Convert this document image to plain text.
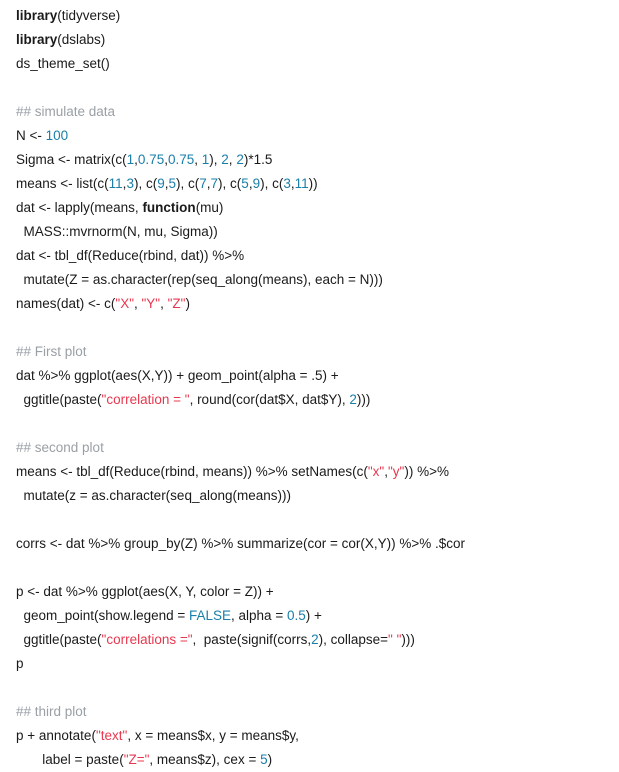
library(tidyverse)
library(dslabs)
ds_theme_set()
## simulate data
N <- 100
Sigma <- matrix(c(1,0.75,0.75, 1), 2, 2)*1.5
means <- list(c(11,3), c(9,5), c(7,7), c(5,9), c(3,11))
dat <- lapply(means, function(mu)
MASS::mvrnorm(N, mu, Sigma))
dat <- tbl_df(Reduce(rbind, dat)) %>%
mutate(Z = as.character(rep(seq_along(means), each = N)))
names(dat) <- c("X", "Y", "Z")
## First plot
dat %>% ggplot(aes(X,Y)) + geom_point(alpha = .5) +
ggtitle(paste("correlation = ", round(cor(dat$X, dat$Y), 2)))
## second plot
means <- tbl_df(Reduce(rbind, means)) %>% setNames(c("x","y")) %>%
mutate(z = as.character(seq_along(means)))
corrs <- dat %>% group_by(Z) %>% summarize(cor = cor(X,Y)) %>% .$cor
p <- dat %>% ggplot(aes(X, Y, color = Z)) +
geom_point(show.legend = FALSE, alpha = 0.5) +
ggtitle(paste("correlations =",  paste(signif(corrs,2), collapse=" ")))
p
## third plot
p + annotate("text", x = means$x, y = means$y,
label = paste("Z=", means$z), cex = 5)
